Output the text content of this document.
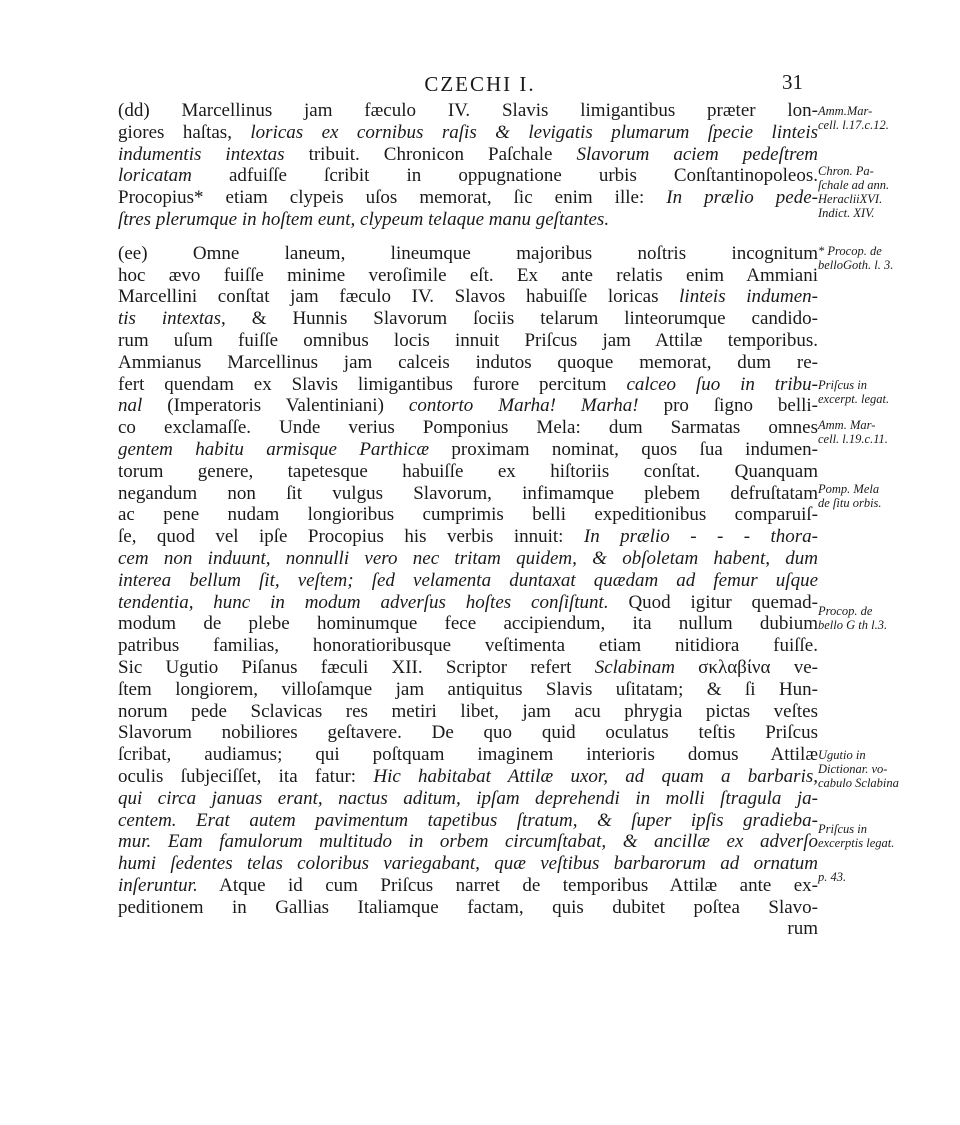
CZECHI I.	31
(dd) Marcellinus jam fæculo IV. Slavis limigantibus præter lon-
giores haſtas, loricas ex cornibus raſis & levigatis plumarum ſpecie linteis
indumentis intextas tribuit. Chronicon Paſchale Slavorum aciem pedeſtrem
loricatam adfuiſſe ſcribit in oppugnatione urbis Conſtantinopoleos.
Procopius* etiam clypeis uſos memorat, ſic enim ille: In prælio pede-
ſtres plerumque in hoſtem eunt, clypeum telaque manu geſtantes.
(ee) Omne laneum, lineumque majoribus noſtris incognitum
hoc ævo fuiſſe minime veroſimile eſt. Ex ante relatis enim Ammiani
Marcellini conſtat jam fæculo IV. Slavos habuiſſe loricas linteis indumen-
tis intextas, & Hunnis Slavorum ſociis telarum linteorumque candido-
rum uſum fuiſſe omnibus locis innuit Priſcus jam Attilæ temporibus.
Ammianus Marcellinus jam calceis indutos quoque memorat, dum re-
fert quendam ex Slavis limigantibus furore percitum calceo ſuo in tribu-
nal (Imperatoris Valentiniani) contorto Marha! Marha! pro ſigno belli-
co exclamaſſe. Unde verius Pomponius Mela: dum Sarmatas omnes
gentem habitu armisque Parthicæ proximam nominat, quos ſua indumen-
torum genere, tapetesque habuiſſe ex hiſtoriis conſtat. Quanquam
negandum non ſit vulgus Slavorum, infimamque plebem defruſtatam
ac pene nudam longioribus cumprimis belli expeditionibus comparuiſ-
ſe, quod vel ipſe Procopius his verbis innuit: In prælio - - - thora-
cem non induunt, nonnulli vero nec tritam quidem, & obſoletam habent, dum
interea bellum ſit, veſtem; ſed velamenta duntaxat quædam ad femur uſque
tendentia, hunc in modum adverſus hoſtes conſiſtunt. Quod igitur quemad-
modum de plebe hominumque fece accipiendum, ita nullum dubium
patribus familias, honoratioribusque veſtimenta etiam nitidiora fuiſſe.
Sic Ugutio Piſanus fæculi XII. Scriptor refert Sclabinam σκλαβίνα ve-
ſtem longiorem, villoſamque jam antiquitus Slavis uſitatam; & ſi Hun-
norum pede Sclavicas res metiri libet, jam acu phrygia pictas veſtes
Slavorum nobiliores geſtavere. De quo quid oculatus teſtis Priſcus
ſcribat, audiamus; qui poſtquam imaginem interioris domus Attilæ
oculis ſubjeciſſet, ita fatur: Hic habitabat Attilæ uxor, ad quam a barbaris,
qui circa januas erant, nactus aditum, ipſam deprehendi in molli ſtragula ja-
centem. Erat autem pavimentum tapetibus ſtratum, & ſuper ipſis gradieba-
mur. Eam famulorum multitudo in orbem circumſtabat, & ancillæ ex adverſo
humi ſedentes telas coloribus variegabant, quæ veſtibus barbarorum ad ornatum
inſeruntur. Atque id cum Priſcus narret de temporibus Attilæ ante ex-
peditionem in Gallias Italiamque factam, quis dubitet poſtea Slavo-
rum
Amm.Mar-
cell. l.17.c.12.
Chron. Pa-
ſchale ad ann.
HeracliiXVI.
Indict. XIV.
* Procop. de
belloGoth. l. 3.
Priſcus in
excerpt. legat.
Amm. Mar-
cell. l.19.c.11.
Pomp. Mela
de ſitu orbis.
Procop. de
bello G th l.3.
Ugutio in
Dictionar. vo-
cabulo Sclabina
Priſcus in
excerptis legat.
p. 43.
